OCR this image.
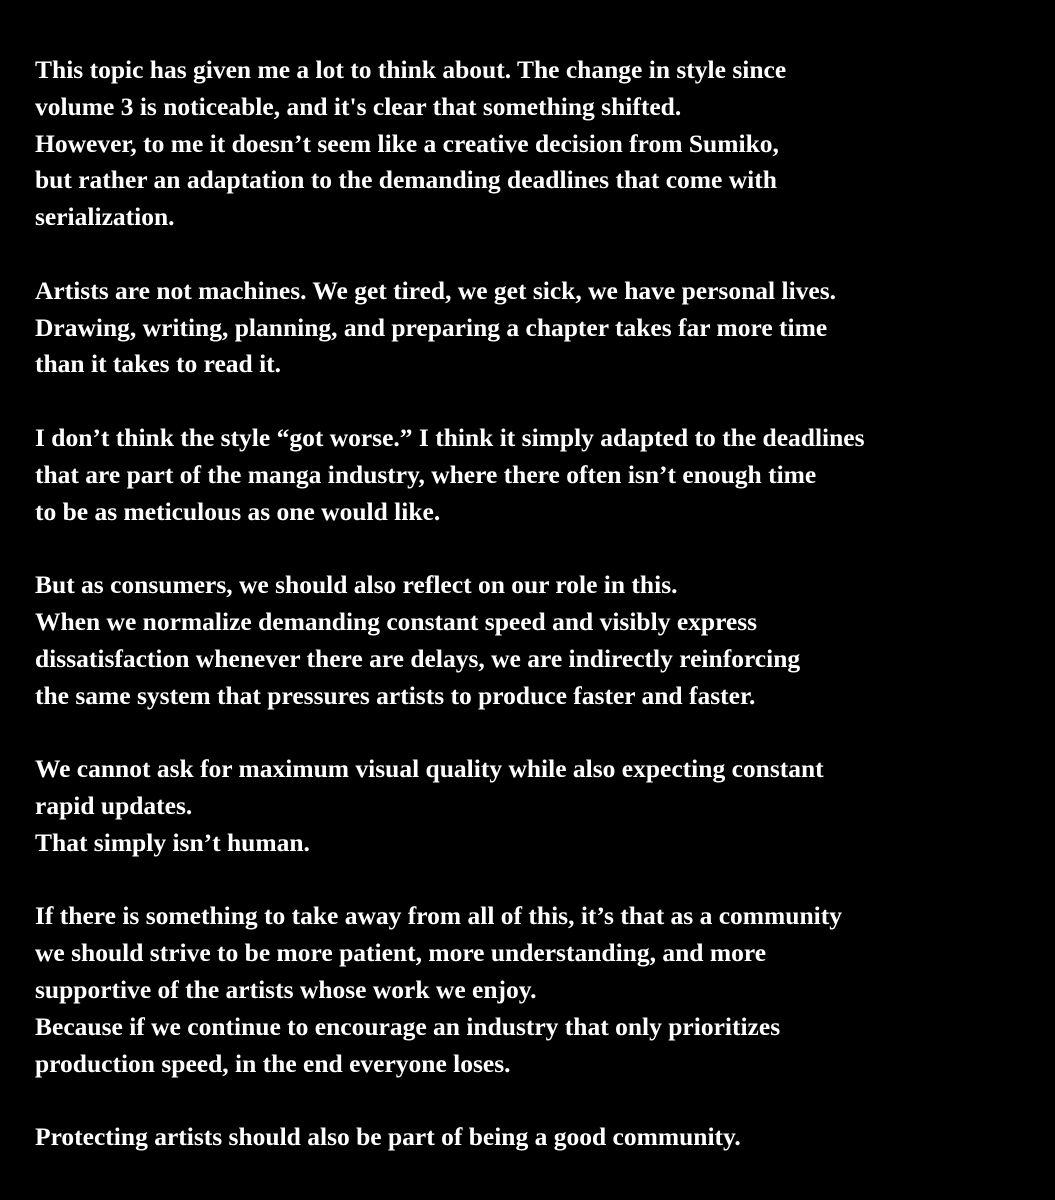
This topic has given me a lot to think about. The change in style since
volume 3 is noticeable, and it's clear that something shifted.
However, to me it doesn’t seem like a creative decision from Sumiko,
but rather an adaptation to the demanding deadlines that come with
serialization.

Artists are not machines. We get tired, we get sick, we have personal lives.
Drawing, writing, planning, and preparing a chapter takes far more time
than it takes to read it.

I don’t think the style “got worse.” I think it simply adapted to the deadlines
that are part of the manga industry, where there often isn’t enough time
to be as meticulous as one would like.

But as consumers, we should also reflect on our role in this.
When we normalize demanding constant speed and visibly express
dissatisfaction whenever there are delays, we are indirectly reinforcing
the same system that pressures artists to produce faster and faster.

We cannot ask for maximum visual quality while also expecting constant
rapid updates.
That simply isn’t human.

If there is something to take away from all of this, it’s that as a community
we should strive to be more patient, more understanding, and more
supportive of the artists whose work we enjoy.
Because if we continue to encourage an industry that only prioritizes
production speed, in the end everyone loses.

Protecting artists should also be part of being a good community.
